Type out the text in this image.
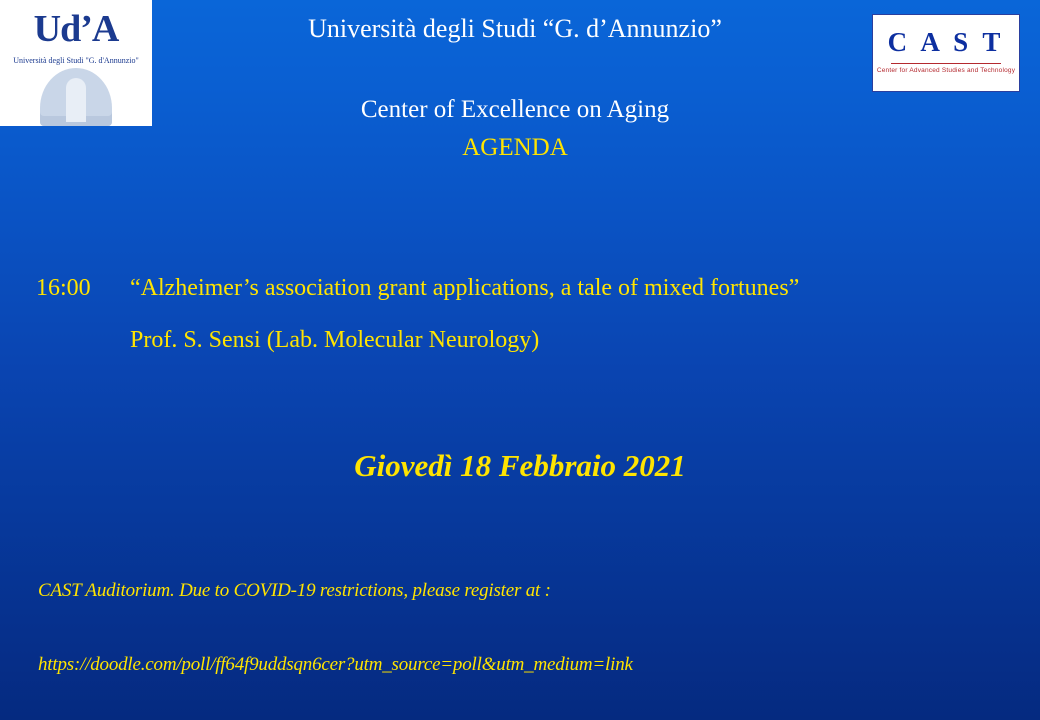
Ud’A
Università degli Studi "G. d'Annunzio"
C A S T
Center for Advanced Studies and Technology
Università degli Studi “G. d’Annunzio”
Center of Excellence on Aging
AGENDA
16:00	“Alzheimer’s association grant applications, a tale of mixed fortunes”
Prof. S. Sensi (Lab. Molecular Neurology)
Giovedì 18 Febbraio 2021
CAST Auditorium. Due to COVID-19 restrictions, please register at :
https://doodle.com/poll/ff64f9uddsqn6cer?utm_source=poll&utm_medium=link
